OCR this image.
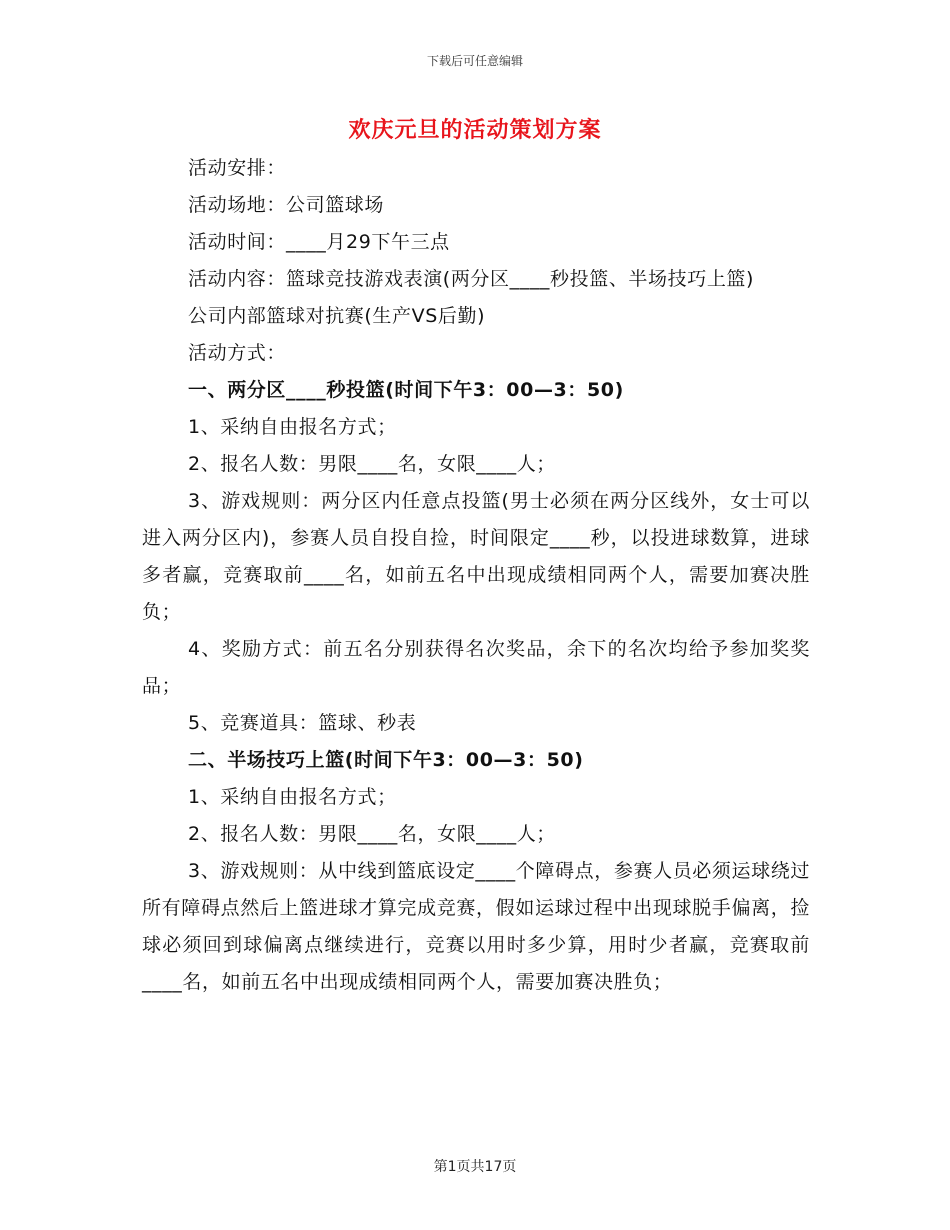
下载后可任意编辑
欢庆元旦的活动策划方案

活动安排：

活动场地：公司篮球场

活动时间：____月29下午三点

活动内容：篮球竞技游戏表演(两分区____秒投篮、半场技巧上篮)

公司内部篮球对抗赛(生产VS后勤)

活动方式：

一、两分区____秒投篮(时间下午3：00—3：50)

1、采纳自由报名方式；

2、报名人数：男限____名，女限____人；

3、游戏规则：两分区内任意点投篮(男士必须在两分区线外，女士可以进入两分区内)，参赛人员自投自捡，时间限定____秒，以投进球数算，进球多者赢，竞赛取前____名，如前五名中出现成绩相同两个人，需要加赛决胜负；

4、奖励方式：前五名分别获得名次奖品，余下的名次均给予参加奖奖品；

5、竞赛道具：篮球、秒表

二、半场技巧上篮(时间下午3：00—3：50)

1、采纳自由报名方式；

2、报名人数：男限____名，女限____人；

3、游戏规则：从中线到篮底设定____个障碍点，参赛人员必须运球绕过所有障碍点然后上篮进球才算完成竞赛，假如运球过程中出现球脱手偏离，捡球必须回到球偏离点继续进行，竞赛以用时多少算，用时少者赢，竞赛取前____名，如前五名中出现成绩相同两个人，需要加赛决胜负；

第1页共17页
